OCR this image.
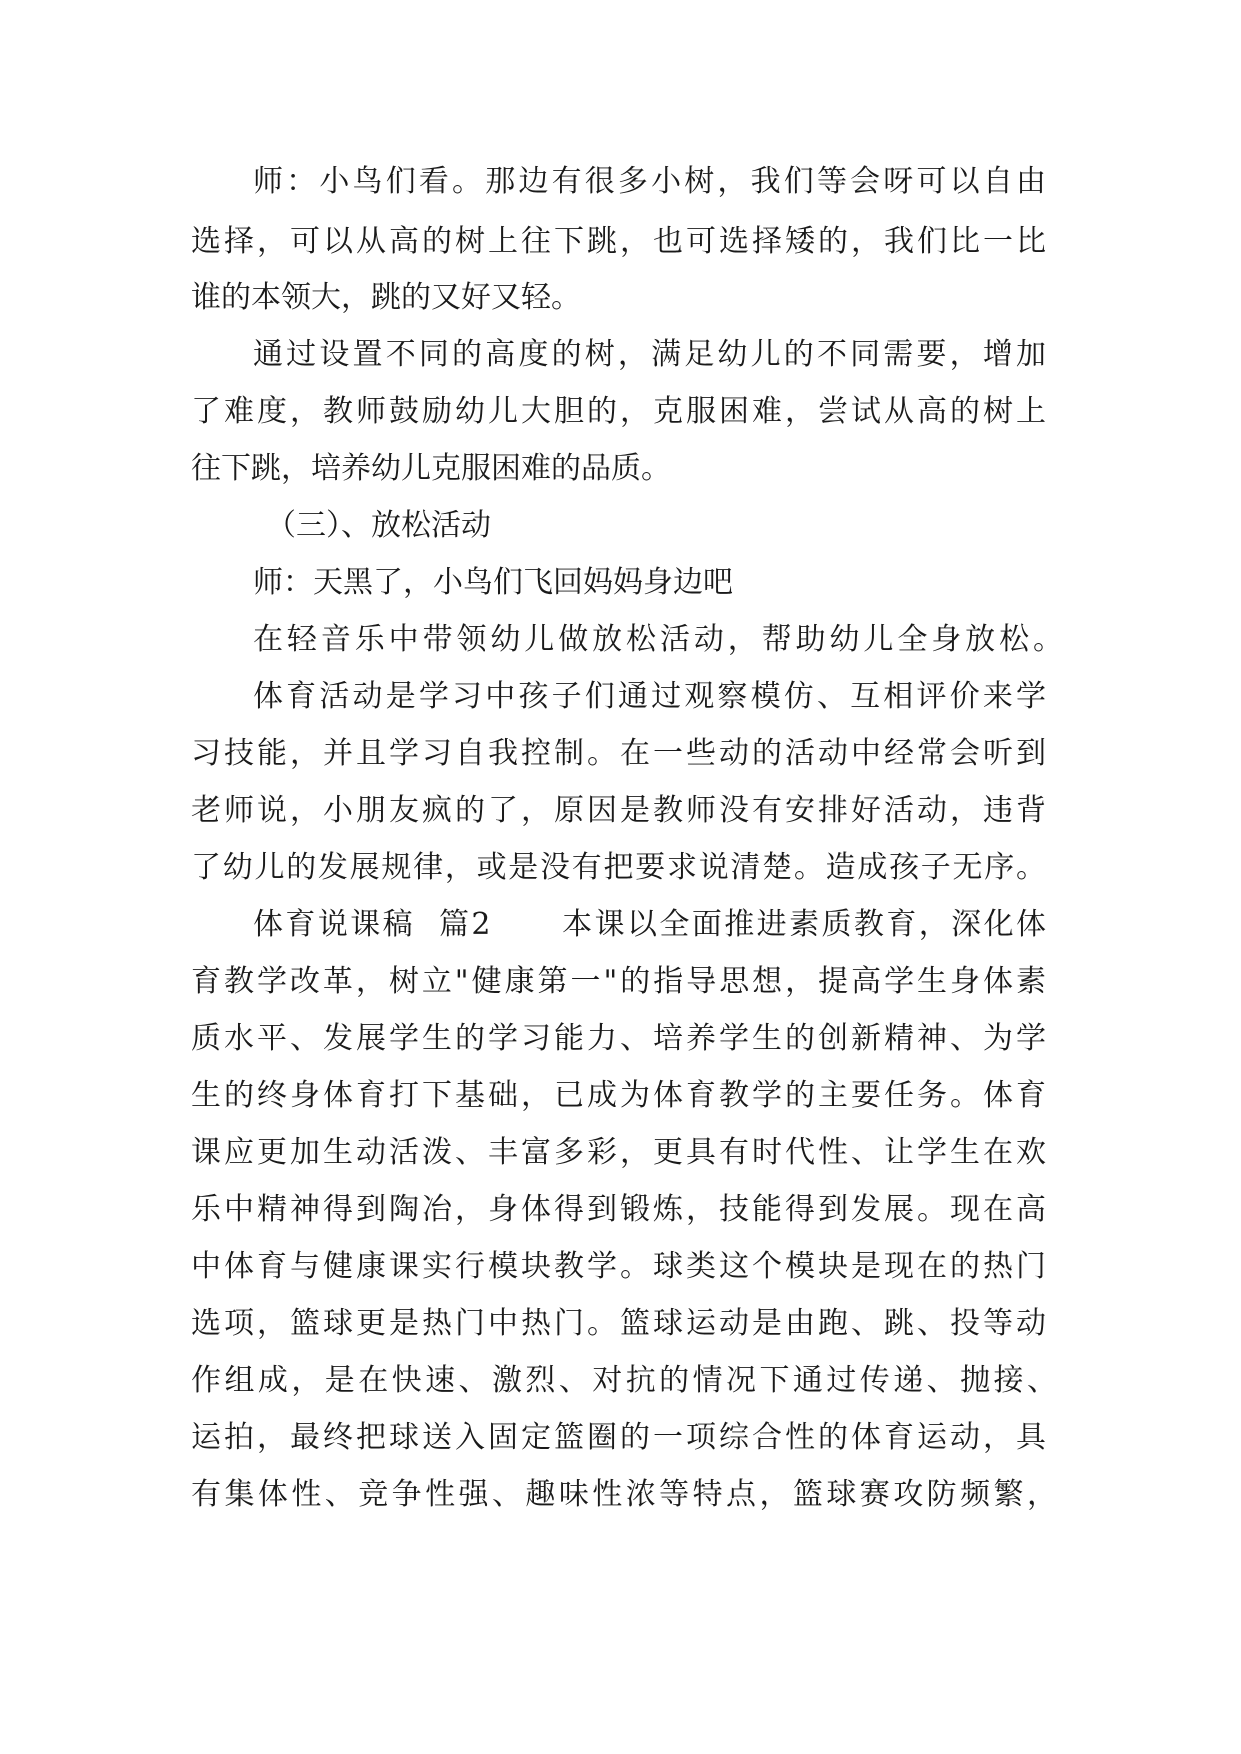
师：小鸟们看。那边有很多小树，我们等会呀可以自由

选择，可以从高的树上往下跳，也可选择矮的，我们比一比

谁的本领大，跳的又好又轻。

通过设置不同的高度的树，满足幼儿的不同需要，增加

了难度，教师鼓励幼儿大胆的，克服困难，尝试从高的树上

往下跳，培养幼儿克服困难的品质。

（三）、放松活动

师：天黑了，小鸟们飞回妈妈身边吧

在轻音乐中带领幼儿做放松活动，帮助幼儿全身放松。

体育活动是学习中孩子们通过观察模仿、互相评价来学

习技能，并且学习自我控制。在一些动的活动中经常会听到

老师说，小朋友疯的了，原因是教师没有安排好活动，违背

了幼儿的发展规律，或是没有把要求说清楚。造成孩子无序。

体育说课稿  篇2      本课以全面推进素质教育，深化体

育教学改革，树立"健康第一"的指导思想，提高学生身体素

质水平、发展学生的学习能力、培养学生的创新精神、为学

生的终身体育打下基础，已成为体育教学的主要任务。体育

课应更加生动活泼、丰富多彩，更具有时代性、让学生在欢

乐中精神得到陶冶，身体得到锻炼，技能得到发展。现在高

中体育与健康课实行模块教学。球类这个模块是现在的热门

选项，篮球更是热门中热门。篮球运动是由跑、跳、投等动

作组成，是在快速、激烈、对抗的情况下通过传递、抛接、

运拍，最终把球送入固定篮圈的一项综合性的体育运动，具

有集体性、竞争性强、趣味性浓等特点，篮球赛攻防频繁，
